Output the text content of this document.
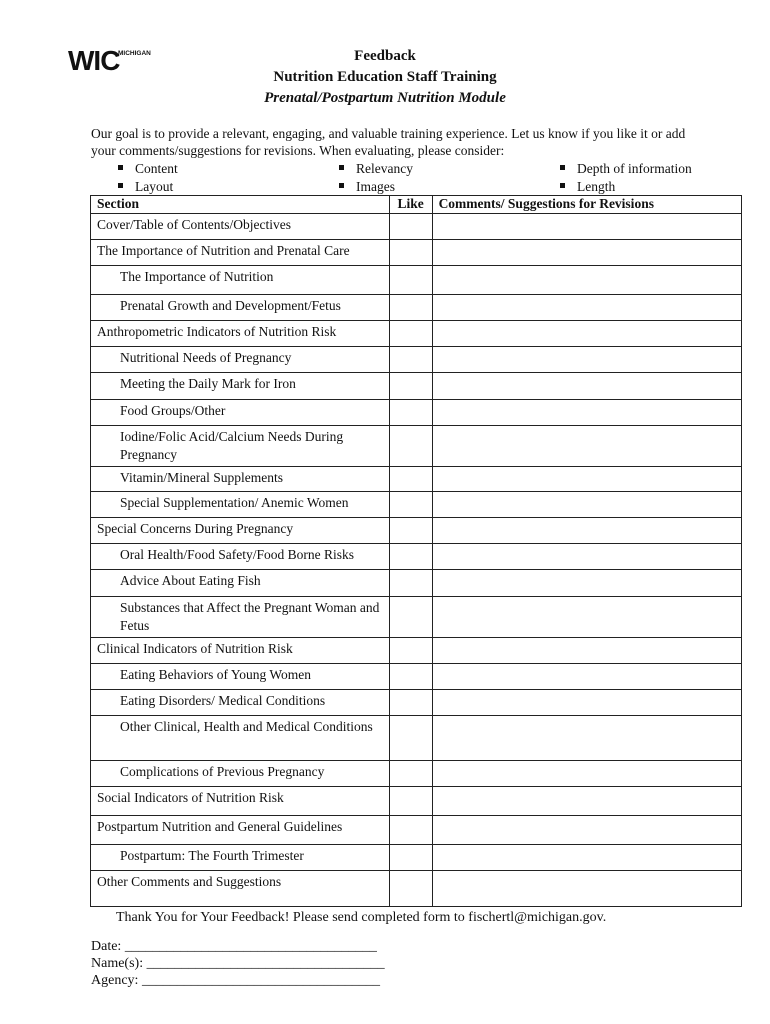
WIC
MICHIGAN	Feedback
Nutrition Education Staff Training
Prenatal/Postpartum Nutrition Module
Our goal is to provide a relevant, engaging, and valuable training experience. Let us know if you like it or add your comments/suggestions for revisions. When evaluating, please consider:
Content	Relevancy	Depth of information
Layout	Images	Length
Section	Like	Comments/ Suggestions for Revisions
Cover/Table of Contents/Objectives		
The Importance of Nutrition and Prenatal Care		
The Importance of Nutrition		
Prenatal Growth and Development/Fetus		
Anthropometric Indicators of Nutrition Risk		
Nutritional Needs of Pregnancy		
Meeting the Daily Mark for Iron		
Food Groups/Other		
Iodine/Folic Acid/Calcium Needs During Pregnancy		
Vitamin/Mineral Supplements		
Special Supplementation/ Anemic Women		
Special Concerns During Pregnancy		
Oral Health/Food Safety/Food Borne Risks		
Advice About Eating Fish		
Substances that Affect the Pregnant Woman and Fetus		
Clinical Indicators of Nutrition Risk		
Eating Behaviors of Young Women		
Eating Disorders/ Medical Conditions		
Other Clinical, Health and Medical Conditions		
Complications of Previous Pregnancy		
Social Indicators of Nutrition Risk		
Postpartum Nutrition and General Guidelines		
Postpartum: The Fourth Trimester		
Other Comments and Suggestions		
Thank You for Your Feedback! Please send completed form to fischertl@michigan.gov.
Date: ____________________________________
Name(s): __________________________________
Agency: __________________________________
